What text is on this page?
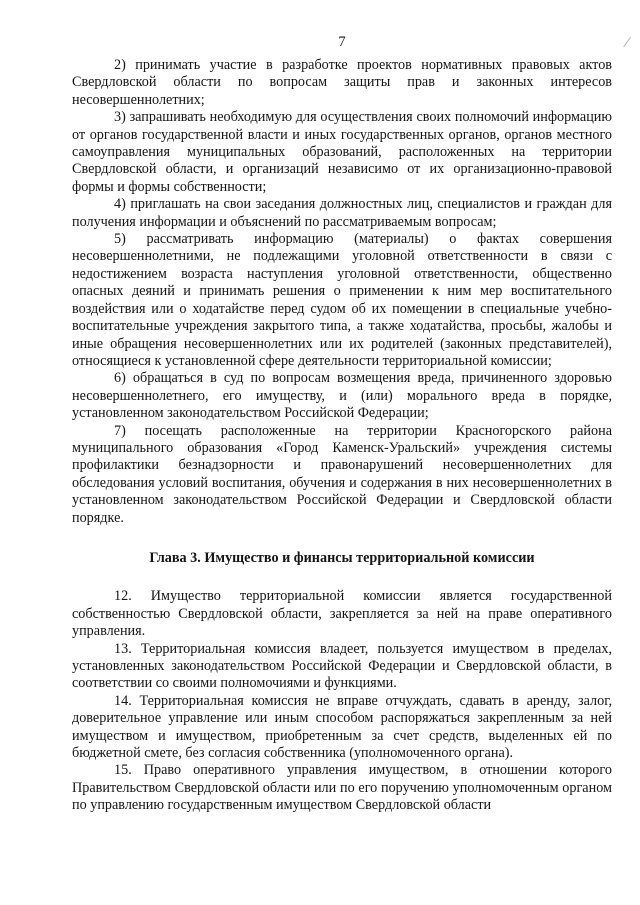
7

2) принимать участие в разработке проектов нормативных правовых актов Свердловской области по вопросам защиты прав и законных интересов несовершеннолетних;

3) запрашивать необходимую для осуществления своих полномочий информацию от органов государственной власти и иных государственных органов, органов местного самоуправления муниципальных образований, расположенных на территории Свердловской области, и организаций независимо от их организационно-правовой формы и формы собственности;

4) приглашать на свои заседания должностных лиц, специалистов и граждан для получения информации и объяснений по рассматриваемым вопросам;

5) рассматривать информацию (материалы) о фактах совершения несовершеннолетними, не подлежащими уголовной ответственности в связи с недостижением возраста наступления уголовной ответственности, общественно опасных деяний и принимать решения о применении к ним мер воспитательного воздействия или о ходатайстве перед судом об их помещении в специальные учебно-воспитательные учреждения закрытого типа, а также ходатайства, просьбы, жалобы и иные обращения несовершеннолетних или их родителей (законных представителей), относящиеся к установленной сфере деятельности территориальной комиссии;

6) обращаться в суд по вопросам возмещения вреда, причиненного здоровью несовершеннолетнего, его имуществу, и (или) морального вреда в порядке, установленном законодательством Российской Федерации;

7) посещать расположенные на территории Красногорского района муниципального образования «Город Каменск-Уральский» учреждения системы профилактики безнадзорности и правонарушений несовершеннолетних для обследования условий воспитания, обучения и содержания в них несовершеннолетних в установленном законодательством Российской Федерации и Свердловской области порядке.

Глава 3. Имущество и финансы территориальной комиссии

12. Имущество территориальной комиссии является государственной собственностью Свердловской области, закрепляется за ней на праве оперативного управления.

13. Территориальная комиссия владеет, пользуется имуществом в пределах, установленных законодательством Российской Федерации и Свердловской области, в соответствии со своими полномочиями и функциями.

14. Территориальная комиссия не вправе отчуждать, сдавать в аренду, залог, доверительное управление или иным способом распоряжаться закрепленным за ней имуществом и имуществом, приобретенным за счет средств, выделенных ей по бюджетной смете, без согласия собственника (уполномоченного органа).

15. Право оперативного управления имуществом, в отношении которого Правительством Свердловской области или по его поручению уполномоченным органом по управлению государственным имуществом Свердловской области
